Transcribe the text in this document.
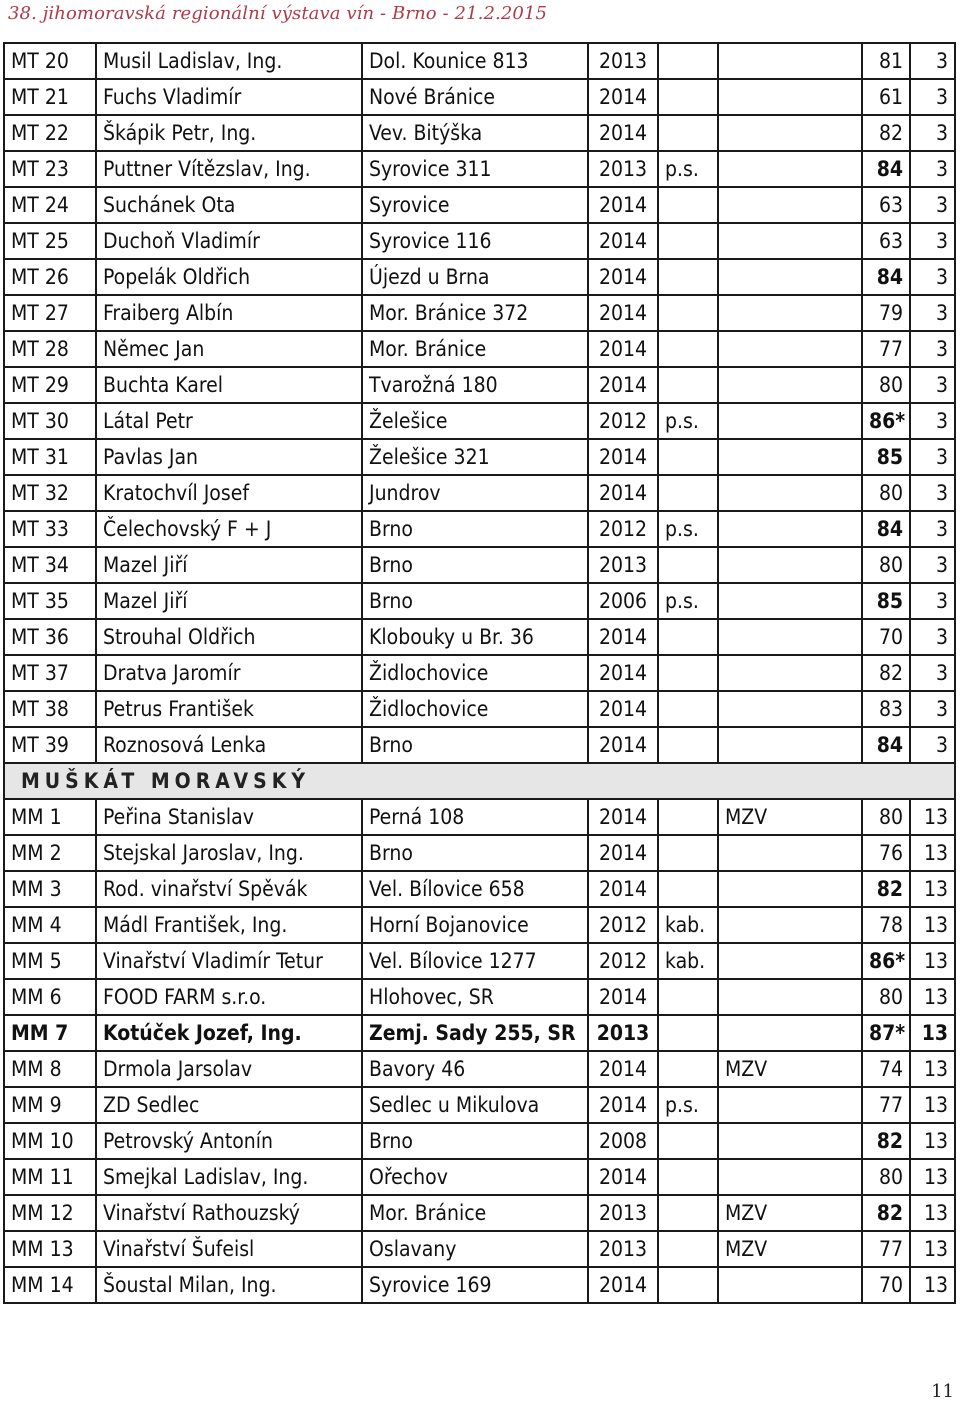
38. jihomoravská regionální výstava vín - Brno - 21.2.2015
MT 20	Musil Ladislav, Ing.	Dol. Kounice 813	2013			81	3
MT 21	Fuchs Vladimír	Nové Bránice	2014			61	3
MT 22	Škápik Petr, Ing.	Vev. Bitýška	2014			82	3
MT 23	Puttner Vítězslav, Ing.	Syrovice 311	2013	p.s.		84	3
MT 24	Suchánek Ota	Syrovice	2014			63	3
MT 25	Duchoň Vladimír	Syrovice 116	2014			63	3
MT 26	Popelák Oldřich	Újezd u Brna	2014			84	3
MT 27	Fraiberg Albín	Mor. Bránice 372	2014			79	3
MT 28	Němec Jan	Mor. Bránice	2014			77	3
MT 29	Buchta Karel	Tvarožná 180	2014			80	3
MT 30	Látal Petr	Želešice	2012	p.s.		86*	3
MT 31	Pavlas Jan	Želešice 321	2014			85	3
MT 32	Kratochvíl Josef	Jundrov	2014			80	3
MT 33	Čelechovský F + J	Brno	2012	p.s.		84	3
MT 34	Mazel Jiří	Brno	2013			80	3
MT 35	Mazel Jiří	Brno	2006	p.s.		85	3
MT 36	Strouhal Oldřich	Klobouky u Br. 36	2014			70	3
MT 37	Dratva Jaromír	Židlochovice	2014			82	3
MT 38	Petrus František	Židlochovice	2014			83	3
MT 39	Roznosová Lenka	Brno	2014			84	3
MUŠKÁT MORAVSKÝ							
MM 1	Peřina Stanislav	Perná 108	2014		MZV	80	13
MM 2	Stejskal Jaroslav, Ing.	Brno	2014			76	13
MM 3	Rod. vinařství Spěvák	Vel. Bílovice 658	2014			82	13
MM 4	Mádl František, Ing.	Horní Bojanovice	2012	kab.		78	13
MM 5	Vinařství Vladimír Tetur	Vel. Bílovice 1277	2012	kab.		86*	13
MM 6	FOOD FARM s.r.o.	Hlohovec, SR	2014			80	13
MM 7	Kotúček Jozef, Ing.	Zemj. Sady 255, SR	2013			87*	13
MM 8	Drmola Jarsolav	Bavory 46	2014		MZV	74	13
MM 9	ZD Sedlec	Sedlec u Mikulova	2014	p.s.		77	13
MM 10	Petrovský Antonín	Brno	2008			82	13
MM 11	Smejkal Ladislav, Ing.	Ořechov	2014			80	13
MM 12	Vinařství Rathouzský	Mor. Bránice	2013		MZV	82	13
MM 13	Vinařství Šufeisl	Oslavany	2013		MZV	77	13
MM 14	Šoustal Milan, Ing.	Syrovice 169	2014			70	13
11
